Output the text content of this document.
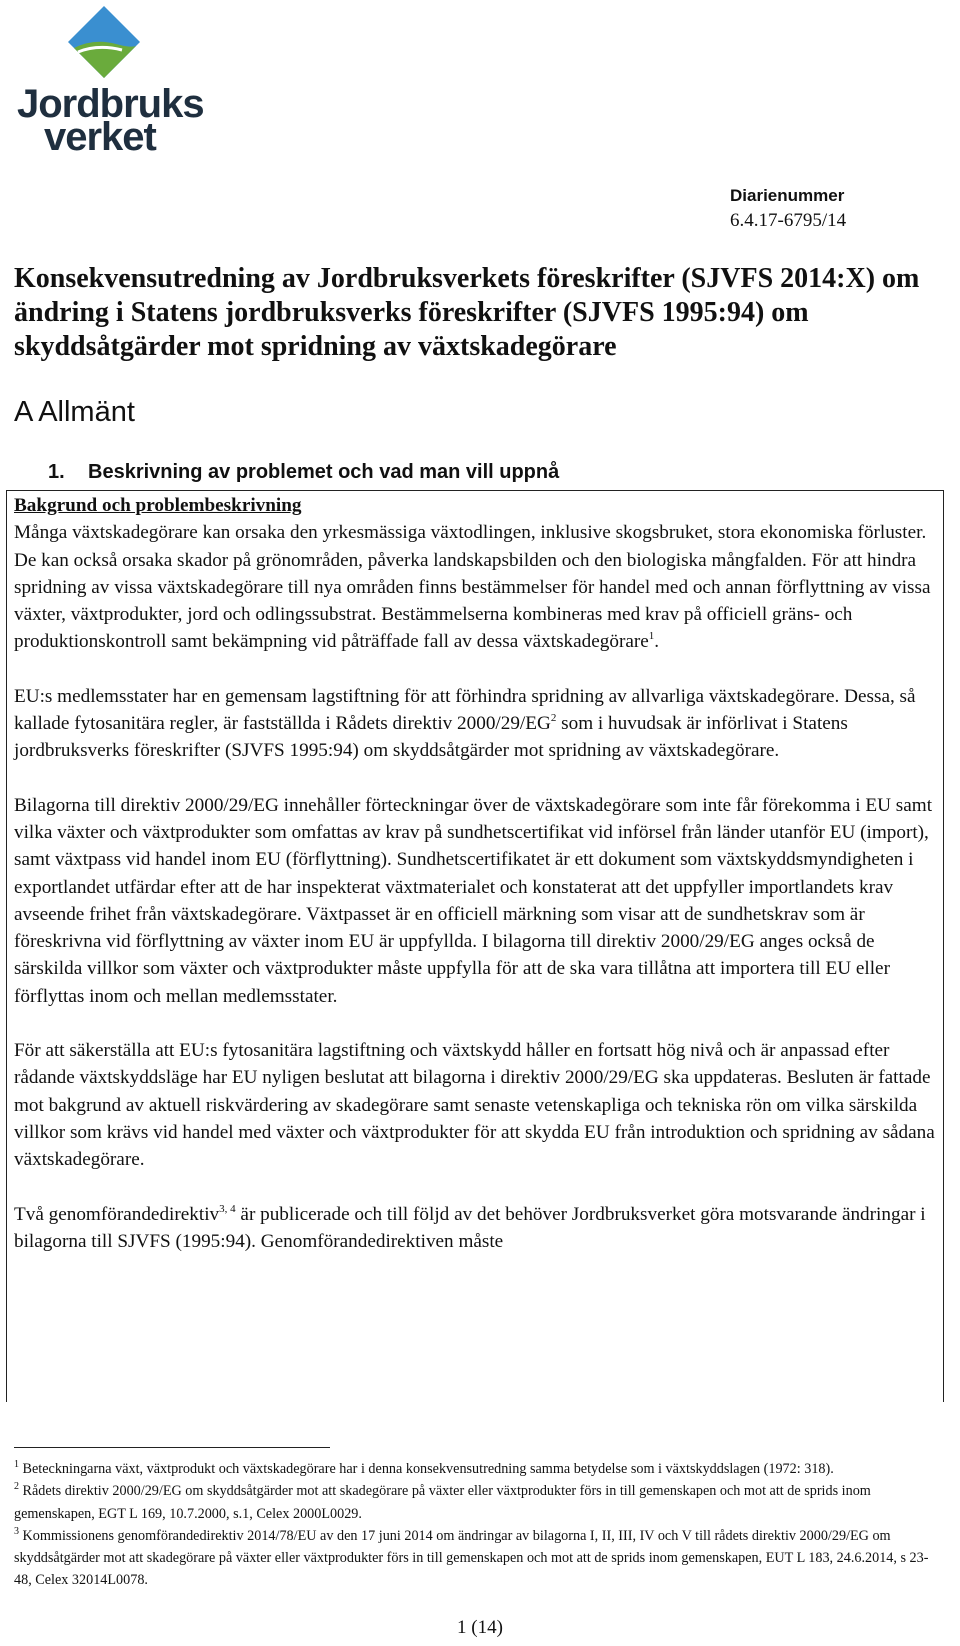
Jordbruks
verket
Diarienummer
6.4.17-6795/14
Konsekvensutredning av Jordbruksverkets föreskrifter (SJVFS 2014:X) om ändring i Statens jordbruksverks föreskrifter (SJVFS 1995:94) om skyddsåtgärder mot spridning av växtskadegörare
A Allmänt
1. Beskrivning av problemet och vad man vill uppnå
Bakgrund och problembeskrivning

Många växtskadegörare kan orsaka den yrkesmässiga växtodlingen, inklusive skogsbruket, stora ekonomiska förluster. De kan också orsaka skador på grönområden, påverka landskapsbilden och den biologiska mångfalden. För att hindra spridning av vissa växtskadegörare till nya områden finns bestämmelser för handel med och annan förflyttning av vissa växter, växtprodukter, jord och odlingssubstrat. Bestämmelserna kombineras med krav på officiell gräns- och produktionskontroll samt bekämpning vid påträffade fall av dessa växtskadegörare$^1$.

EU:s medlemsstater har en gemensam lagstiftning för att förhindra spridning av allvarliga växtskadegörare. Dessa, så kallade fytosanitära regler, är fastställda i Rådets direktiv $2000/29/EG^2$ som i huvudsak är införlivat i Statens jordbruksverks föreskrifter (SJVFS 1995:94) om skyddsåtgärder mot spridning av växtskadegörare.

Bilagorna till direktiv 2000/29/EG innehåller förteckningar över de växtskadegörare som inte får förekomma i EU samt vilka växter och växtprodukter som omfattas av krav på sundhetscertifikat vid införsel från länder utanför EU (import), samt växtpass vid handel inom EU (förflyttning). Sundhetscertifikatet är ett dokument som växtskyddsmyndigheten i exportlandet utfärdar efter att de har inspekterat växtmaterialet och konstaterat att det uppfyller importlandets krav avseende frihet från växtskadegörare. Växtpasset är en officiell märkning som visar att de sundhetskrav som är föreskrivna vid förflyttning av växter inom EU är uppfyllda. I bilagorna till direktiv 2000/29/EG anges också de särskilda villkor som växter och växtprodukter måste uppfylla för att de ska vara tillåtna att importera till EU eller förflyttas inom och mellan medlemsstater.

För att säkerställa att EU:s fytosanitära lagstiftning och växtskydd håller en fortsatt hög nivå och är anpassad efter rådande växtskyddsläge har EU nyligen beslutat att bilagorna i direktiv 2000/29/EG ska uppdateras. Besluten är fattade mot bakgrund av aktuell riskvärdering av skadegörare samt senaste vetenskapliga och tekniska rön om vilka särskilda villkor som krävs vid handel med växter och växtprodukter för att skydda EU från introduktion och spridning av sådana växtskadegörare.

Två genomförandedirektiv$^{3, 4}$ är publicerade och till följd av det behöver Jordbruksverket göra motsvarande ändringar i bilagorna till SJVFS (1995:94). Genomförandedirektiven måste

$^1$ Beteckningarna växt, växtprodukt och växtskadegörare har i denna konsekvensutredning samma betydelse som i växtskyddslagen (1972: 318).

$^2$ Rådets direktiv 2000/29/EG om skyddsåtgärder mot att skadegörare på växter eller växtprodukter förs in till gemenskapen och mot att de sprids inom gemenskapen, EGT L 169, 10.7.2000, s.1, Celex 2000L0029.

$^3$ Kommissionens genomförandedirektiv 2014/78/EU av den 17 juni 2014 om ändringar av bilagorna I, II, III, IV och V till rådets direktiv 2000/29/EG om skyddsåtgärder mot att skadegörare på växter eller växtprodukter förs in till gemenskapen och mot att de sprids inom gemenskapen, EUT L 183, 24.6.2014, s 23-48, Celex 32014L0078.

1 (14)
